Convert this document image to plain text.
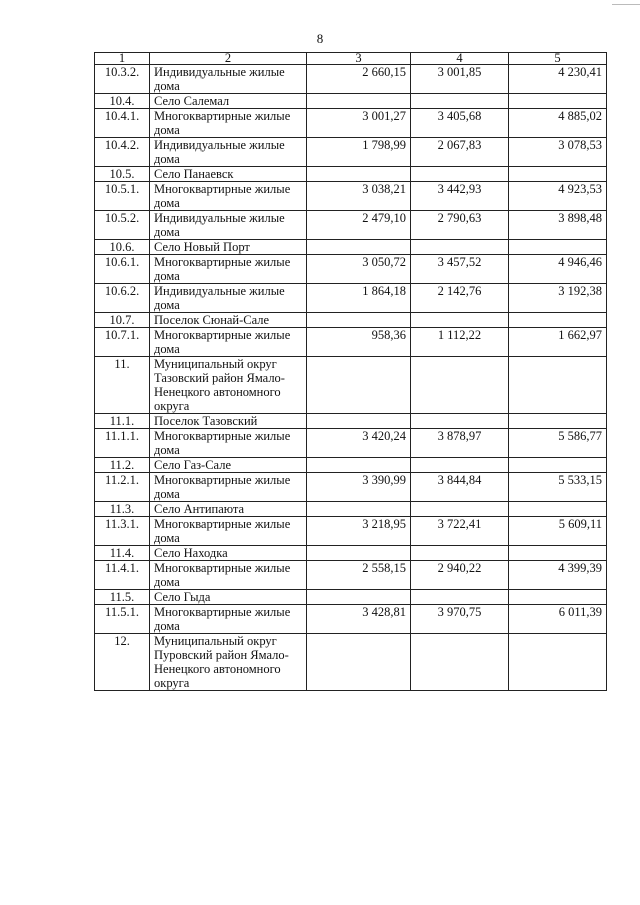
8
1	2	3	4	5
10.3.2.	Индивидуальные жилые дома	2 660,15	3 001,85	4 230,41
10.4.	Село Салемал			
10.4.1.	Многоквартирные жилые дома	3 001,27	3 405,68	4 885,02
10.4.2.	Индивидуальные жилые дома	1 798,99	2 067,83	3 078,53
10.5.	Село Панаевск			
10.5.1.	Многоквартирные жилые дома	3 038,21	3 442,93	4 923,53
10.5.2.	Индивидуальные жилые дома	2 479,10	2 790,63	3 898,48
10.6.	Село Новый Порт			
10.6.1.	Многоквартирные жилые дома	3 050,72	3 457,52	4 946,46
10.6.2.	Индивидуальные жилые дома	1 864,18	2 142,76	3 192,38
10.7.	Поселок Сюнай-Сале			
10.7.1.	Многоквартирные жилые дома	958,36	1 112,22	1 662,97
11.	Муниципальный округ Тазовский район Ямало-Ненецкого автономного округа			
11.1.	Поселок Тазовский			
11.1.1.	Многоквартирные жилые дома	3 420,24	3 878,97	5 586,77
11.2.	Село Газ-Сале			
11.2.1.	Многоквартирные жилые дома	3 390,99	3 844,84	5 533,15
11.3.	Село Антипаюта			
11.3.1.	Многоквартирные жилые дома	3 218,95	3 722,41	5 609,11
11.4.	Село Находка			
11.4.1.	Многоквартирные жилые дома	2 558,15	2 940,22	4 399,39
11.5.	Село Гыда			
11.5.1.	Многоквартирные жилые дома	3 428,81	3 970,75	6 011,39
12.	Муниципальный округ Пуровский район Ямало-Ненецкого автономного округа			
